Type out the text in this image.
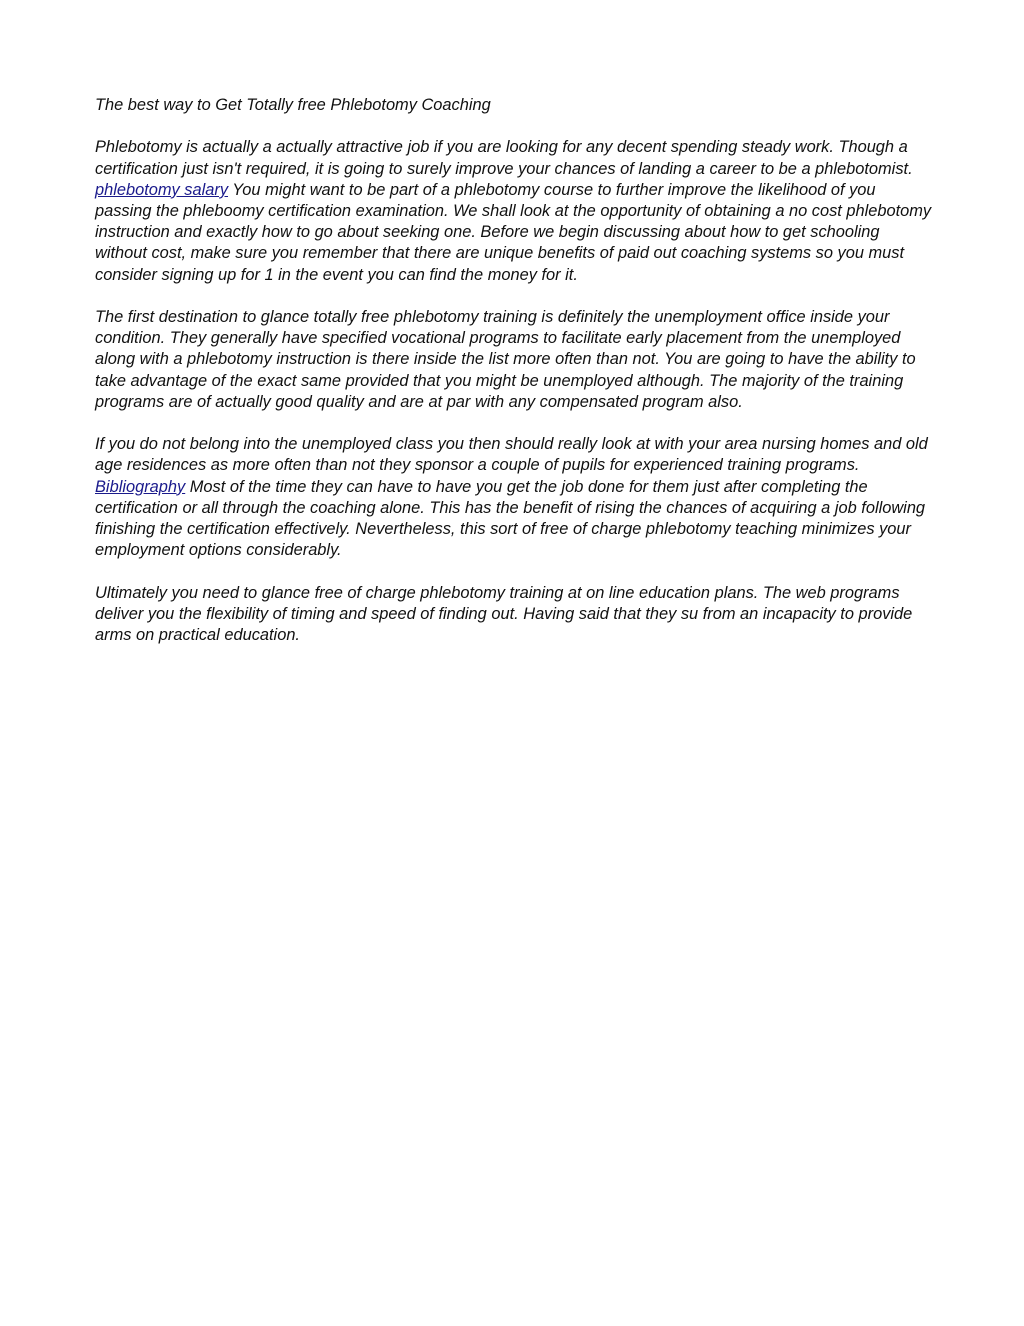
The best way to Get Totally free Phlebotomy Coaching

Phlebotomy is actually a actually attractive job if you are looking for any decent spending steady work. Though a certification just isn't required, it is going to surely improve your chances of landing a career to be a phlebotomist. phlebotomy salary You might want to be part of a phlebotomy course to further improve the likelihood of you passing the phleboomy certification examination. We shall look at the opportunity of obtaining a no cost phlebotomy instruction and exactly how to go about seeking one. Before we begin discussing about how to get schooling without cost, make sure you remember that there are unique benefits of paid out coaching systems so you must consider signing up for 1 in the event you can find the money for it.

The first destination to glance totally free phlebotomy training is definitely the unemployment office inside your condition. They generally have specified vocational programs to facilitate early placement from the unemployed along with a phlebotomy instruction is there inside the list more often than not. You are going to have the ability to take advantage of the exact same provided that you might be unemployed although. The majority of the training programs are of actually good quality and are at par with any compensated program also.

If you do not belong into the unemployed class you then should really look at with your area nursing homes and old age residences as more often than not they sponsor a couple of pupils for experienced training programs. Bibliography Most of the time they can have to have you get the job done for them just after completing the certification or all through the coaching alone. This has the benefit of rising the chances of acquiring a job following finishing the certification effectively. Nevertheless, this sort of free of charge phlebotomy teaching minimizes your employment options considerably.

Ultimately you need to glance free of charge phlebotomy training at on line education plans. The web programs deliver you the flexibility of timing and speed of finding out. Having said that they su from an incapacity to provide arms on practical education.
